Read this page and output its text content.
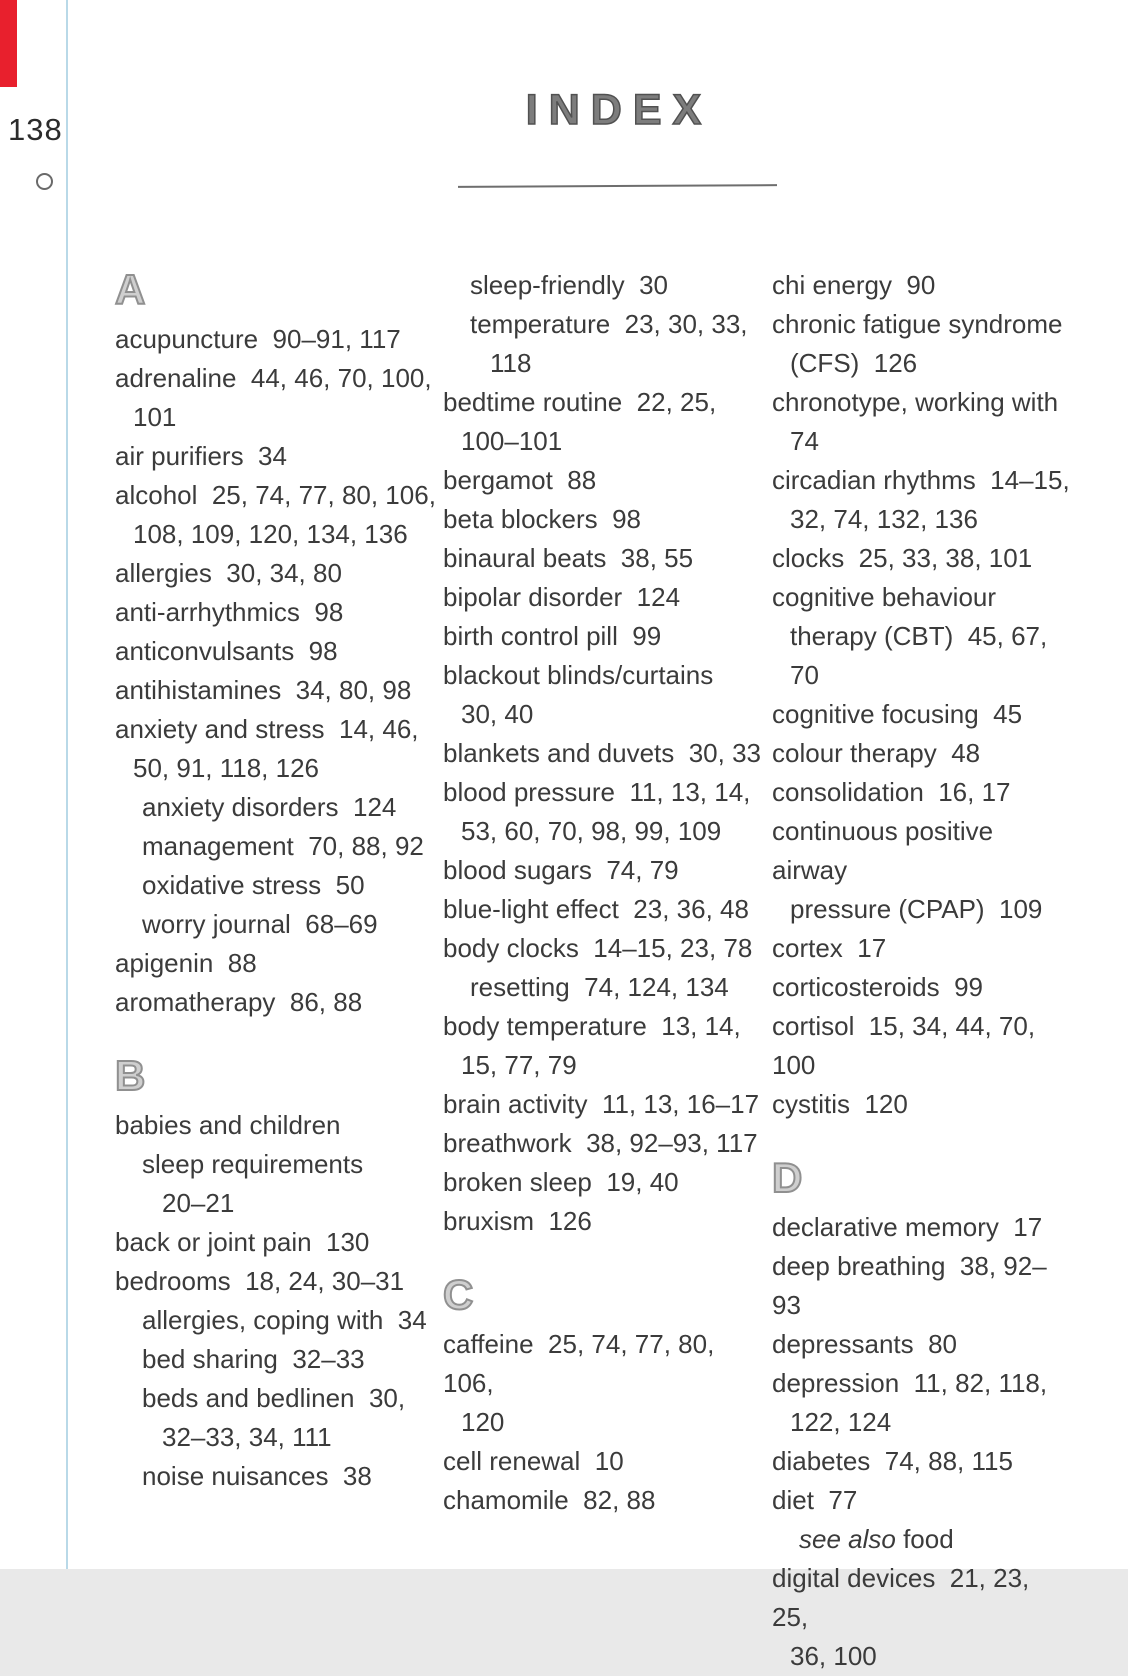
138	INDEX
A
acupuncture  90–91, 117
adrenaline  44, 46, 70, 100,
101
air purifiers  34
alcohol  25, 74, 77, 80, 106,
108, 109, 120, 134, 136
allergies  30, 34, 80
anti-arrhythmics  98
anticonvulsants  98
antihistamines  34, 80, 98
anxiety and stress  14, 46,
50, 91, 118, 126
anxiety disorders  124
management  70, 88, 92
oxidative stress  50
worry journal  68–69
apigenin  88
aromatherapy  86, 88
B
babies and children
sleep requirements
20–21
back or joint pain  130
bedrooms  18, 24, 30–31
allergies, coping with  34
bed sharing  32–33
beds and bedlinen  30,
32–33, 34, 111
noise nuisances  38
sleep-friendly  30
temperature  23, 30, 33,
118
bedtime routine  22, 25,
100–101
bergamot  88
beta blockers  98
binaural beats  38, 55
bipolar disorder  124
birth control pill  99
blackout blinds/curtains
30, 40
blankets and duvets  30, 33
blood pressure  11, 13, 14,
53, 60, 70, 98, 99, 109
blood sugars  74, 79
blue-light effect  23, 36, 48
body clocks  14–15, 23, 78
resetting  74, 124, 134
body temperature  13, 14,
15, 77, 79
brain activity  11, 13, 16–17
breathwork  38, 92–93, 117
broken sleep  19, 40
bruxism  126
C
caffeine  25, 74, 77, 80, 106,
120
cell renewal  10
chamomile  82, 88
chi energy  90
chronic fatigue syndrome
(CFS)  126
chronotype, working with
74
circadian rhythms  14–15,
32, 74, 132, 136
clocks  25, 33, 38, 101
cognitive behaviour
therapy (CBT)  45, 67, 70
cognitive focusing  45
colour therapy  48
consolidation  16, 17
continuous positive airway
pressure (CPAP)  109
cortex  17
corticosteroids  99
cortisol  15, 34, 44, 70, 100
cystitis  120
D
declarative memory  17
deep breathing  38, 92–93
depressants  80
depression  11, 82, 118,
122, 124
diabetes  74, 88, 115
diet  77
see also food
digital devices  21, 23, 25,
36, 100
